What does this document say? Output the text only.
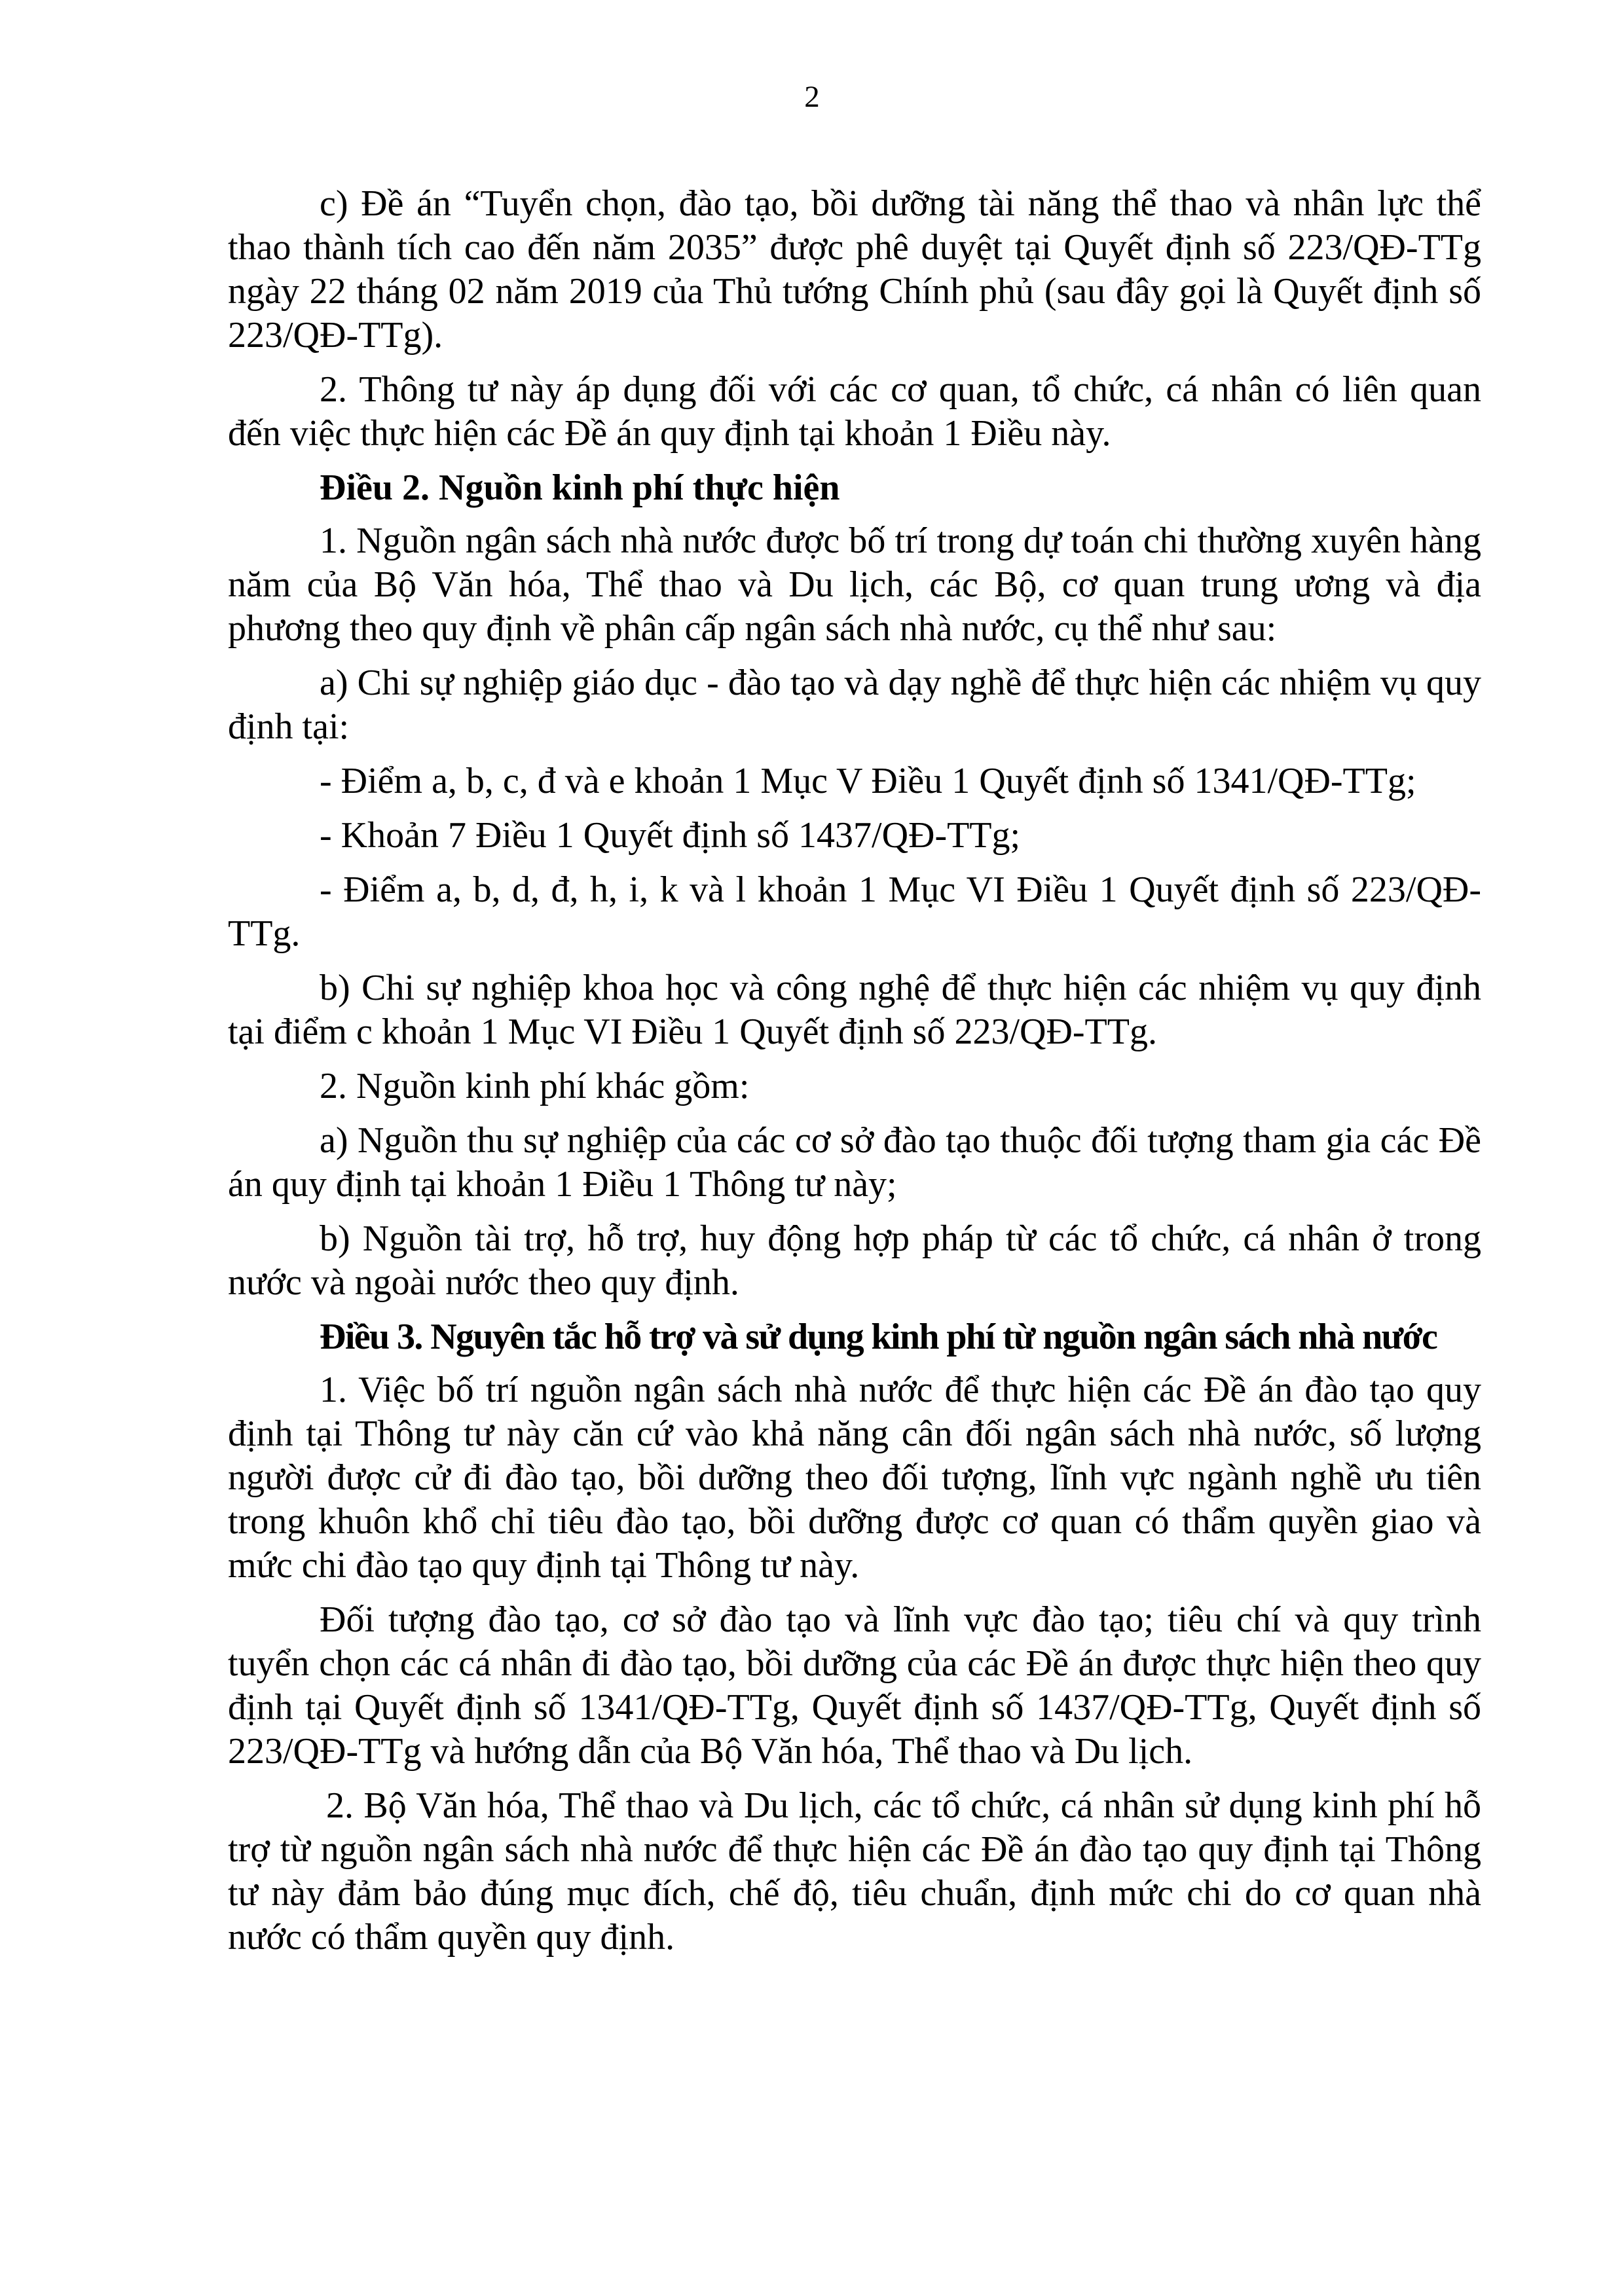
2

c) Đề án “Tuyển chọn, đào tạo, bồi dưỡng tài năng thể thao và nhân lực thể thao thành tích cao đến năm 2035” được phê duyệt tại Quyết định số 223/QĐ-TTg ngày 22 tháng 02 năm 2019 của Thủ tướng Chính phủ (sau đây gọi là Quyết định số 223/QĐ-TTg).

2. Thông tư này áp dụng đối với các cơ quan, tổ chức, cá nhân có liên quan đến việc thực hiện các Đề án quy định tại khoản 1 Điều này.

Điều 2. Nguồn kinh phí thực hiện

1. Nguồn ngân sách nhà nước được bố trí trong dự toán chi thường xuyên hàng năm của Bộ Văn hóa, Thể thao và Du lịch, các Bộ, cơ quan trung ương và địa phương theo quy định về phân cấp ngân sách nhà nước, cụ thể như sau:

a) Chi sự nghiệp giáo dục - đào tạo và dạy nghề để thực hiện các nhiệm vụ quy định tại:

- Điểm a, b, c, đ và e khoản 1 Mục V Điều 1 Quyết định số 1341/QĐ-TTg;

- Khoản 7 Điều 1 Quyết định số 1437/QĐ-TTg;

- Điểm a, b, d, đ, h, i, k và l khoản 1 Mục VI Điều 1 Quyết định số 223/QĐ-TTg.

b) Chi sự nghiệp khoa học và công nghệ để thực hiện các nhiệm vụ quy định tại điểm c khoản 1 Mục VI Điều 1 Quyết định số 223/QĐ-TTg.

2. Nguồn kinh phí khác gồm:

a) Nguồn thu sự nghiệp của các cơ sở đào tạo thuộc đối tượng tham gia các Đề án quy định tại khoản 1 Điều 1 Thông tư này;

b) Nguồn tài trợ, hỗ trợ, huy động hợp pháp từ các tổ chức, cá nhân ở trong nước và ngoài nước theo quy định.

Điều 3. Nguyên tắc hỗ trợ và sử dụng kinh phí từ nguồn ngân sách nhà nước

1. Việc bố trí nguồn ngân sách nhà nước để thực hiện các Đề án đào tạo quy định tại Thông tư này căn cứ vào khả năng cân đối ngân sách nhà nước, số lượng người được cử đi đào tạo, bồi dưỡng theo đối tượng, lĩnh vực ngành nghề ưu tiên trong khuôn khổ chỉ tiêu đào tạo, bồi dưỡng được cơ quan có thẩm quyền giao và mức chi đào tạo quy định tại Thông tư này.

Đối tượng đào tạo, cơ sở đào tạo và lĩnh vực đào tạo; tiêu chí và quy trình tuyển chọn các cá nhân đi đào tạo, bồi dưỡng của các Đề án được thực hiện theo quy định tại Quyết định số 1341/QĐ-TTg, Quyết định số 1437/QĐ-TTg, Quyết định số 223/QĐ-TTg và hướng dẫn của Bộ Văn hóa, Thể thao và Du lịch.

2. Bộ Văn hóa, Thể thao và Du lịch, các tổ chức, cá nhân sử dụng kinh phí hỗ trợ từ nguồn ngân sách nhà nước để thực hiện các Đề án đào tạo quy định tại Thông tư này đảm bảo đúng mục đích, chế độ, tiêu chuẩn, định mức chi do cơ quan nhà nước có thẩm quyền quy định.
